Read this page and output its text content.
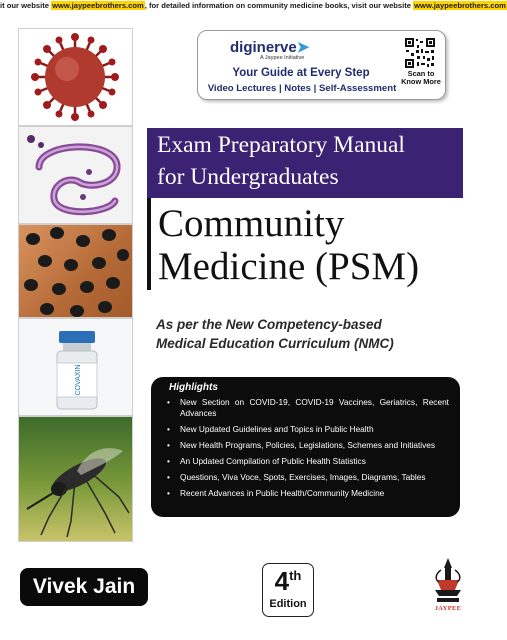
it our website www.jaypeebrothers.com, for detailed information on community medicine books, visit our website www.jaypeebrothers.com
COVAXIN
diginerve➤
A Jaypee Initiative
Your Guide at Every Step
Video Lectures | Notes | Self-Assessment
Scan to Know More
Exam Preparatory Manual
for Undergraduates
Community
Medicine (PSM)
As per the New Competency-based
Medical Education Curriculum (NMC)
Highlights
• New Section on COVID-19, COVID-19 Vaccines, Geriatrics, Recent Advances
• New Updated Guidelines and Topics in Public Health
• New Health Programs, Policies, Legislations, Schemes and Initiatives
• An Updated Compilation of Public Health Statistics
• Questions, Viva Voce, Spots, Exercises, Images, Diagrams, Tables
• Recent Advances in Public Health/Community Medicine
Vivek Jain	4th
Edition	JAYPEE
